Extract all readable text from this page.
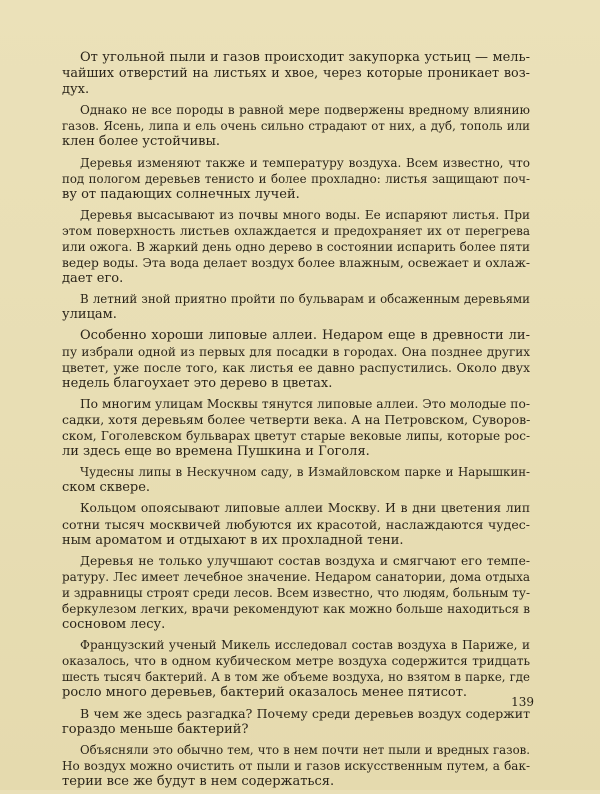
От угольной пыли и газов происходит закупорка устьиц — мель-
чайших отверстий на листьях и хвое, через которые проникает воз-
дух.
Однако не все породы в равной мере подвержены вредному влиянию
газов. Ясень, липа и ель очень сильно страдают от них, а дуб, тополь или
клен более устойчивы.
Деревья изменяют также и температуру воздуха. Всем известно, что
под пологом деревьев тенисто и более прохладно: листья защищают поч-
ву от падающих солнечных лучей.
Деревья высасывают из почвы много воды. Ее испаряют листья. При
этом поверхность листьев охлаждается и предохраняет их от перегрева
или ожога. В жаркий день одно дерево в состоянии испарить более пяти
ведер воды. Эта вода делает воздух более влажным, освежает и охлаж-
дает его.
В летний зной приятно пройти по бульварам и обсаженным деревьями
улицам.
Особенно хороши липовые аллеи. Недаром еще в древности ли-
пу избрали одной из первых для посадки в городах. Она позднее других
цветет, уже после того, как листья ее давно распустились. Около двух
недель благоухает это дерево в цветах.
По многим улицам Москвы тянутся липовые аллеи. Это молодые по-
садки, хотя деревьям более четверти века. А на Петровском, Суворов-
ском, Гоголевском бульварах цветут старые вековые липы, которые рос-
ли здесь еще во времена Пушкина и Гоголя.
Чудесны липы в Нескучном саду, в Измайловском парке и Нарышкин-
ском сквере.
Кольцом опоясывают липовые аллеи Москву. И в дни цветения лип
сотни тысяч москвичей любуются их красотой, наслаждаются чудес-
ным ароматом и отдыхают в их прохладной тени.
Деревья не только улучшают состав воздуха и смягчают его темпе-
ратуру. Лес имеет лечебное значение. Недаром санатории, дома отдыха
и здравницы строят среди лесов. Всем известно, что людям, больным ту-
беркулезом легких, врачи рекомендуют как можно больше находиться в
сосновом лесу.
Французский ученый Микель исследовал состав воздуха в Париже, и
оказалось, что в одном кубическом метре воздуха содержится тридцать
шесть тысяч бактерий. А в том же объеме воздуха, но взятом в парке, где
росло много деревьев, бактерий оказалось менее пятисот.
В чем же здесь разгадка? Почему среди деревьев воздух содержит
гораздо меньше бактерий?
Объясняли это обычно тем, что в нем почти нет пыли и вредных газов.
Но воздух можно очистить от пыли и газов искусственным путем, а бак-
терии все же будут в нем содержаться.
139
